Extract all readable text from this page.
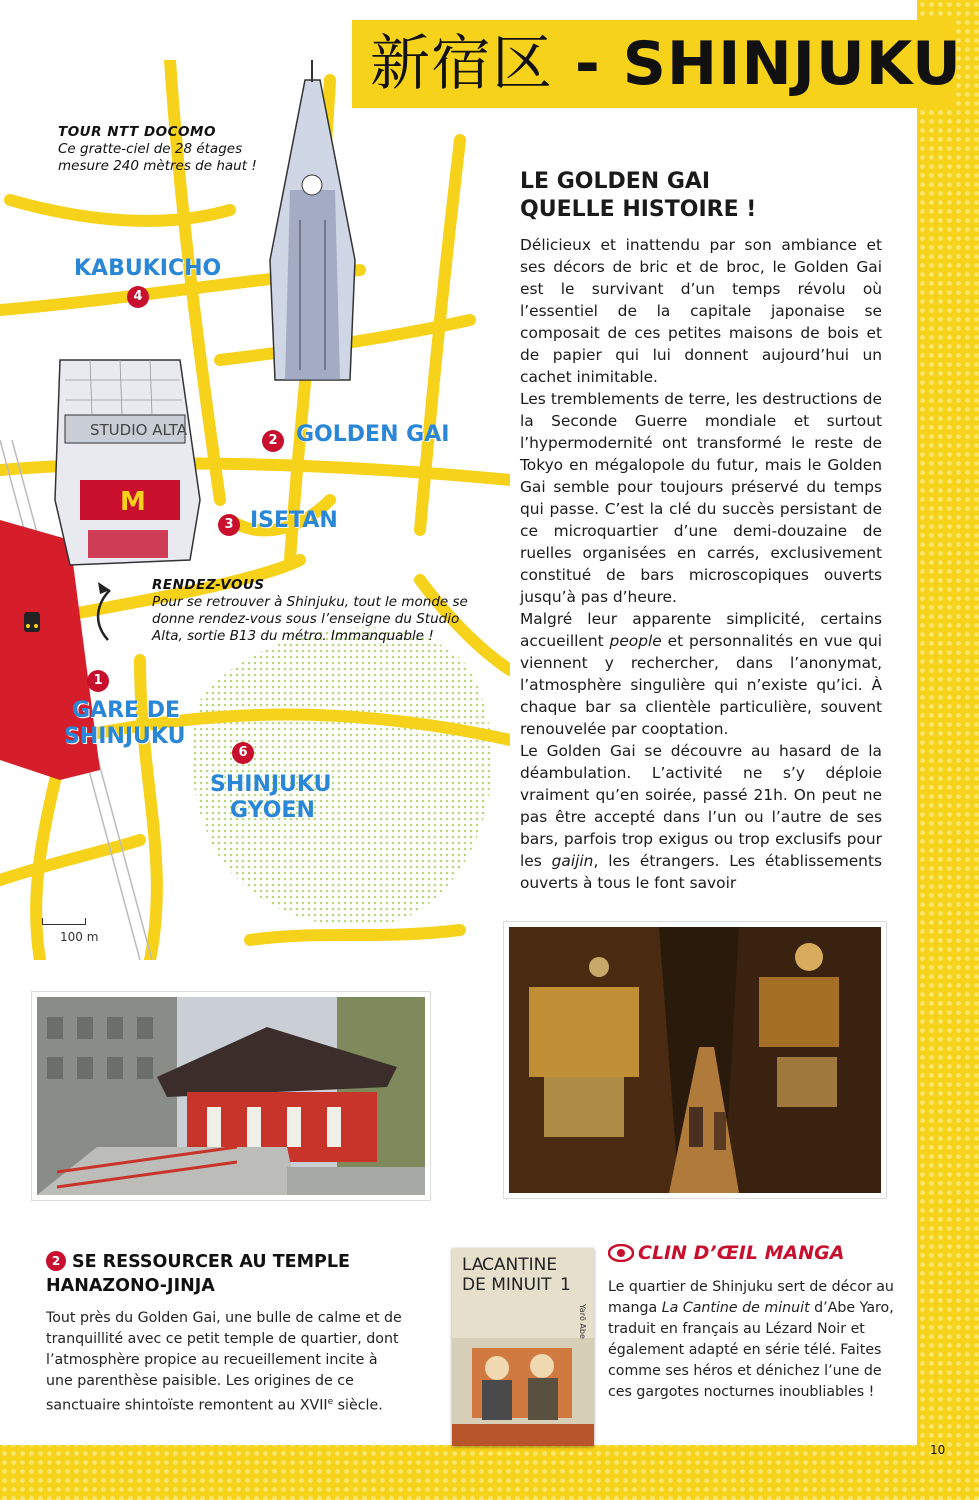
新宿区 - SHINJUKU
STUDIO ALTA
M
TOUR NTT DOCOMO
Ce gratte-ciel de 28 étages mesure 240 mètres de haut !
RENDEZ-VOUS
Pour se retrouver à Shinjuku, tout le monde se donne rendez-vous sous l’enseigne du Studio Alta, sortie B13 du métro. Immanquable !
KABUKICHO
4
2 GOLDEN GAI
3 ISETAN
1
GARE DE
SHINJUKU
6
SHINJUKU
GYOEN
100 m
LE GOLDEN GAI
QUELLE HISTOIRE !

Délicieux et inattendu par son ambiance et ses décors de bric et de broc, le Golden Gai est le survivant d’un temps révolu où l’essentiel de la capitale japonaise se composait de ces petites maisons de bois et de papier qui lui donnent aujourd’hui un cachet inimitable.

Les tremblements de terre, les destructions de la Seconde Guerre mondiale et surtout l’hypermodernité ont transformé le reste de Tokyo en mégalopole du futur, mais le Golden Gai semble pour toujours préservé du temps qui passe. C’est la clé du succès persistant de ce microquartier d’une demi-douzaine de ruelles organisées en carrés, exclusivement constitué de bars microscopiques ouverts jusqu’à pas d’heure.

Malgré leur apparente simplicité, certains accueillent people et personnalités en vue qui viennent y rechercher, dans l’anonymat, l’atmosphère singulière qui n’existe qu’ici. À chaque bar sa clientèle particulière, souvent renouvelée par cooptation.

Le Golden Gai se découvre au hasard de la déambulation. L’activité ne s’y déploie vraiment qu’en soirée, passé 21h. On peut ne pas être accepté dans l’un ou l’autre de ses bars, parfois trop exigus ou trop exclusifs pour les gaijin, les étrangers. Les établissements ouverts à tous le font savoir

2 SE RESSOURCER AU TEMPLE
HANAZONO-JINJA

Tout près du Golden Gai, une bulle de calme et de tranquillité avec ce petit temple de quartier, dont l’atmosphère propice au recueillement incite à une parenthèse paisible. Les origines de ce sanctuaire shintoïste remontent au XVIIe siècle.

LA
CANTINE
DE MINUIT 1
Yarō Abe
CLIN D’ŒIL MANGA

Le quartier de Shinjuku sert de décor au manga La Cantine de minuit d’Abe Yaro, traduit en français au Lézard Noir et également adapté en série télé. Faites comme ses héros et dénichez l’une de ces gargotes nocturnes inoubliables !

10
